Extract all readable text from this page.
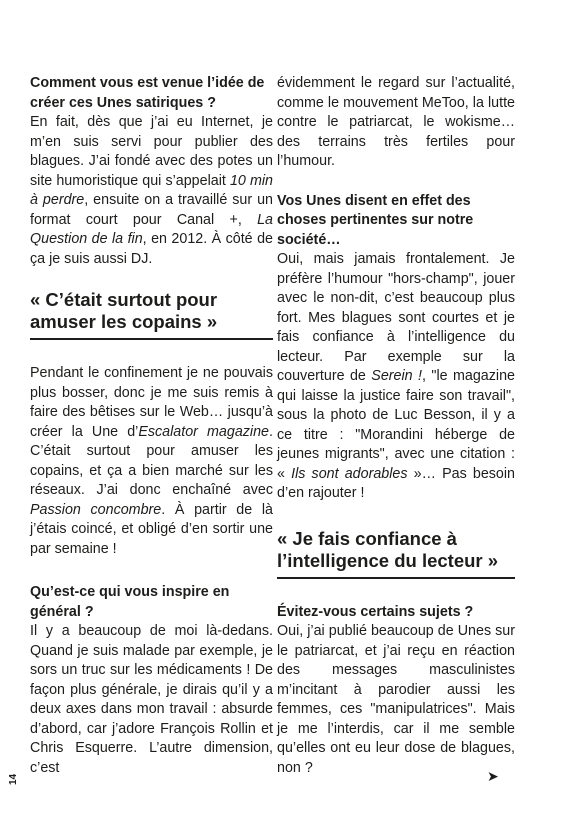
Comment vous est venue l’idée de créer ces Unes satiriques ?

En fait, dès que j’ai eu Internet, je m’en suis servi pour publier des blagues. J’ai fondé avec des potes un site humoristique qui s’appelait 10 min à perdre, ensuite on a travaillé sur un format court pour Canal +, La Question de la fin, en 2012. À côté de ça je suis aussi DJ.

« C’était surtout pour amuser les copains »

Pendant le confinement je ne pouvais plus bosser, donc je me suis remis à faire des bêtises sur le Web… jusqu’à créer la Une d’Escalator magazine. C’était surtout pour amuser les copains, et ça a bien marché sur les réseaux. J’ai donc enchaîné avec Passion concombre. À partir de là j’étais coincé, et obligé d’en sortir une par semaine !

Qu’est-ce qui vous inspire en général ?

Il y a beaucoup de moi là-dedans. Quand je suis malade par exemple, je sors un truc sur les médicaments ! De façon plus générale, je dirais qu’il y a deux axes dans mon travail : absurde d’abord, car j’adore François Rollin et Chris Esquerre. L’autre dimension, c’est

évidemment le regard sur l’actualité, comme le mouvement MeToo, la lutte contre le patriarcat, le wokisme… des terrains très fertiles pour l’humour.

Vos Unes disent en effet des choses pertinentes sur notre société…

Oui, mais jamais frontalement. Je préfère l’humour "hors-champ", jouer avec le non-dit, c’est beaucoup plus fort. Mes blagues sont courtes et je fais confiance à l’intelligence du lecteur. Par exemple sur la couverture de Serein !, "le magazine qui laisse la justice faire son travail", sous la photo de Luc Besson, il y a ce titre : "Morandini héberge de jeunes migrants", avec une citation : « Ils sont adorables »… Pas besoin d’en rajouter !

« Je fais confiance à l’intelligence du lecteur »

Évitez-vous certains sujets ?

Oui, j’ai publié beaucoup de Unes sur le patriarcat, et j’ai reçu en réaction des messages masculinistes m’incitant à parodier aussi les femmes, ces "manipulatrices". Mais je me l’interdis, car il me semble qu’elles ont eu leur dose de blagues, non ?

14	➤
